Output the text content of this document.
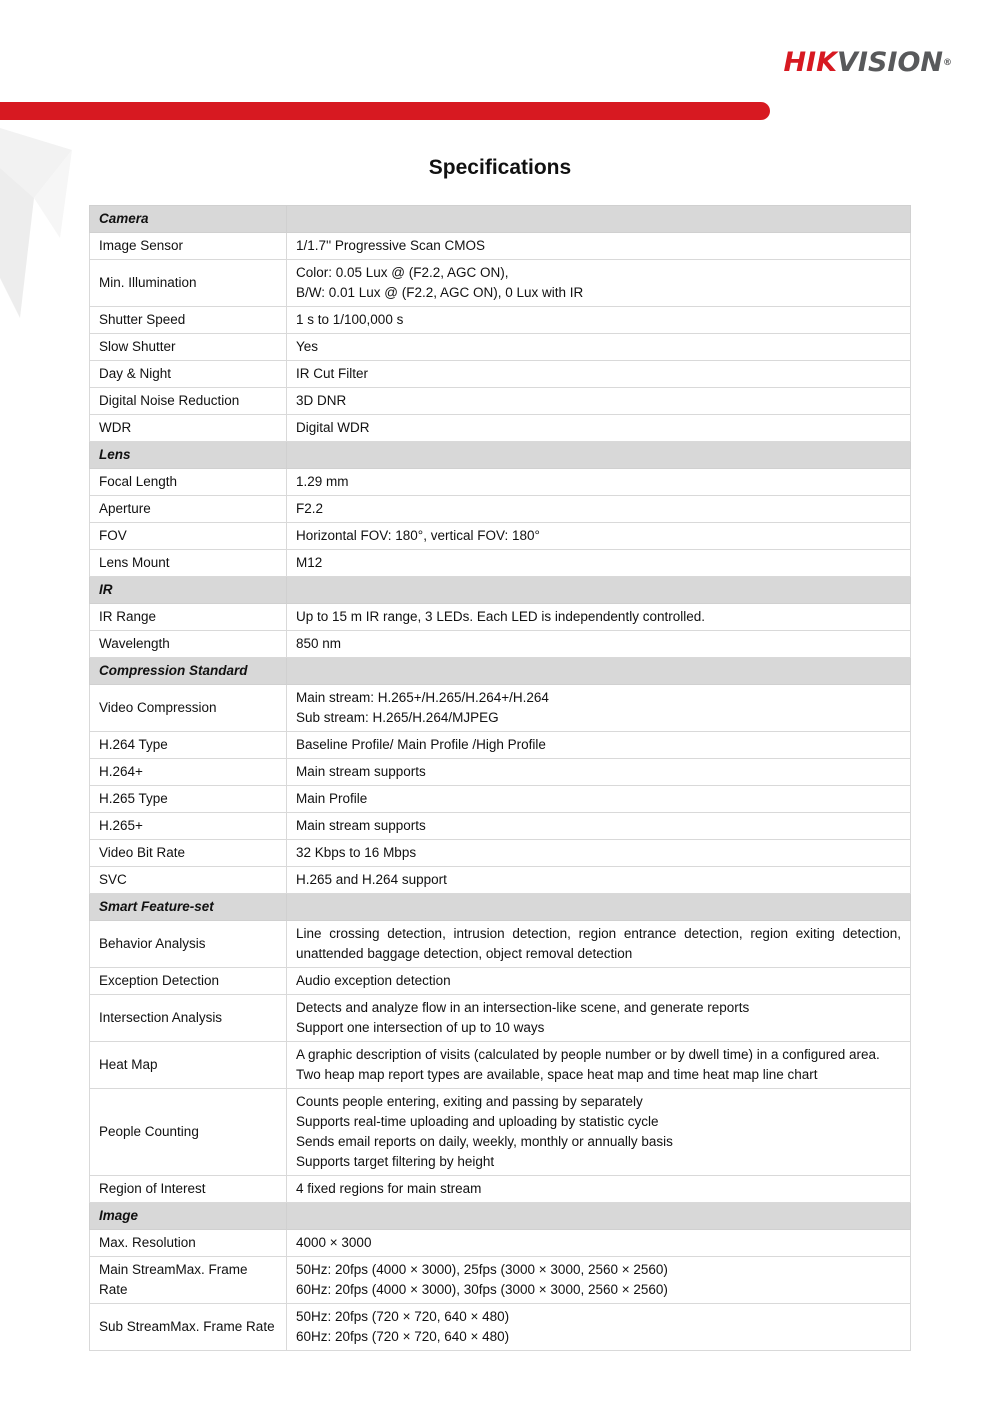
HIKVISION®
Specifications
Camera	
Image Sensor	1/1.7'' Progressive Scan CMOS

Min. Illumination	Color: 0.05 Lux @ (F2.2, AGC ON),
B/W: 0.01 Lux @ (F2.2, AGC ON), 0 Lux with IR

Shutter Speed	1 s to 1/100,000 s

Slow Shutter	Yes

Day & Night	IR Cut Filter

Digital Noise Reduction	3D DNR

WDR	Digital WDR

Lens	
Focal Length	1.29 mm

Aperture	F2.2

FOV	Horizontal FOV: 180°, vertical FOV: 180°

Lens Mount	M12

IR	
IR Range	Up to 15 m IR range, 3 LEDs. Each LED is independently controlled.

Wavelength	850 nm

Compression Standard	
Video Compression	Main stream: H.265+/H.265/H.264+/H.264
Sub stream: H.265/H.264/MJPEG

H.264 Type	Baseline Profile/ Main Profile /High Profile

H.264+	Main stream supports

H.265 Type	Main Profile

H.265+	Main stream supports

Video Bit Rate	32 Kbps to 16 Mbps

SVC	H.265 and H.264 support

Smart Feature-set	
Behavior Analysis	Line crossing detection, intrusion detection, region entrance detection, region exiting detection, unattended baggage detection, object removal detection
Exception Detection	Audio exception detection

Intersection Analysis	Detects and analyze flow in an intersection-like scene, and generate reports
Support one intersection of up to 10 ways

Heat Map	A graphic description of visits (calculated by people number or by dwell time) in a configured area.
Two heap map report types are available, space heat map and time heat map line chart

People Counting	Counts people entering, exiting and passing by separately
Supports real-time uploading and uploading by statistic cycle
Sends email reports on daily, weekly, monthly or annually basis
Supports target filtering by height

Region of Interest	4 fixed regions for main stream

Image	
Max. Resolution	4000 × 3000

Main StreamMax. Frame Rate	50Hz: 20fps (4000 × 3000), 25fps (3000 × 3000, 2560 × 2560)
60Hz: 20fps (4000 × 3000), 30fps (3000 × 3000, 2560 × 2560)

Sub StreamMax. Frame Rate	50Hz: 20fps (720 × 720, 640 × 480)
60Hz: 20fps (720 × 720, 640 × 480)
